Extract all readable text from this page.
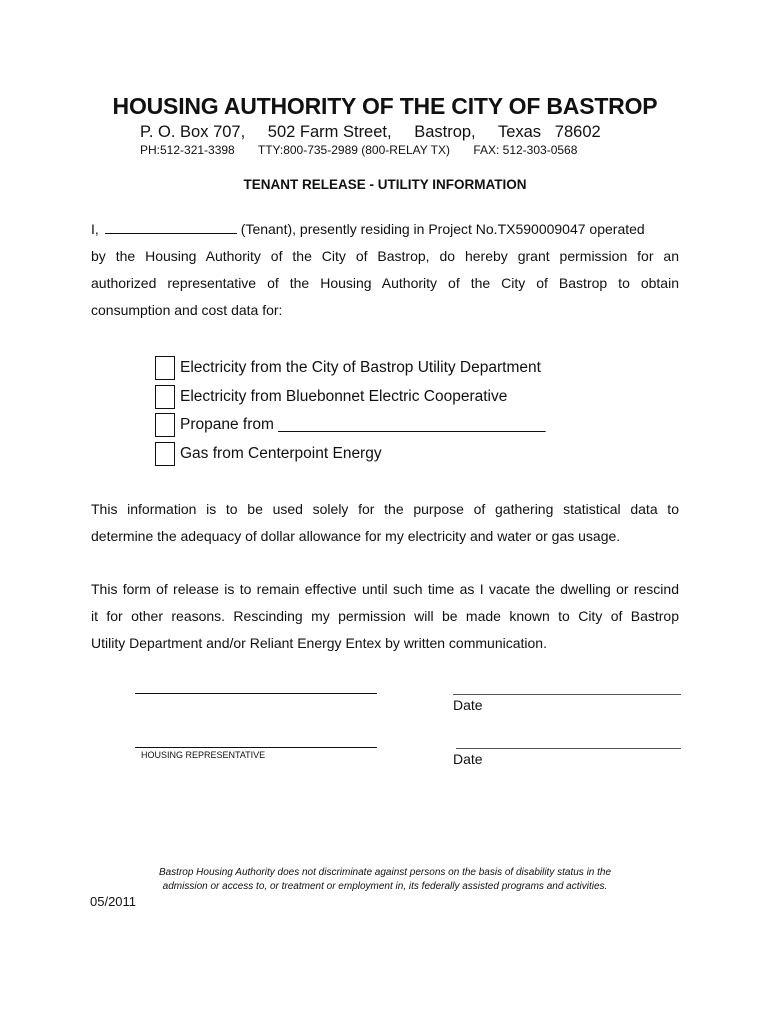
HOUSING AUTHORITY OF THE CITY OF BASTROP
P. O. Box 707, 502 Farm Street, Bastrop, Texas   78602
PH:512-321-3398 TTY:800-735-2989 (800-RELAY TX) FAX: 512-303-0568
TENANT RELEASE - UTILITY INFORMATION
I,	(Tenant), presently residing in Project No.TX590009047 operated
by the Housing Authority of the City of Bastrop, do hereby grant permission for an
authorized representative of the Housing Authority of the City of Bastrop to obtain
consumption and cost data for:
Electricity from the City of Bastrop Utility Department
Electricity from Bluebonnet Electric Cooperative
Propane from _______________________________
Gas from Centerpoint Energy
This information is to be used solely for the purpose of gathering statistical data to
determine the adequacy of dollar allowance for my electricity and water or gas usage.
This form of release is to remain effective until such time as I vacate the dwelling or rescind
it for other reasons. Rescinding my permission will be made known to City of Bastrop
Utility Department and/or Reliant Energy Entex by written communication.
Date
HOUSING REPRESENTATIVE	Date
Bastrop Housing Authority does not discriminate against persons on the basis of disability status in the
admission or access to, or treatment or employment in, its federally assisted programs and activities.
05/2011
